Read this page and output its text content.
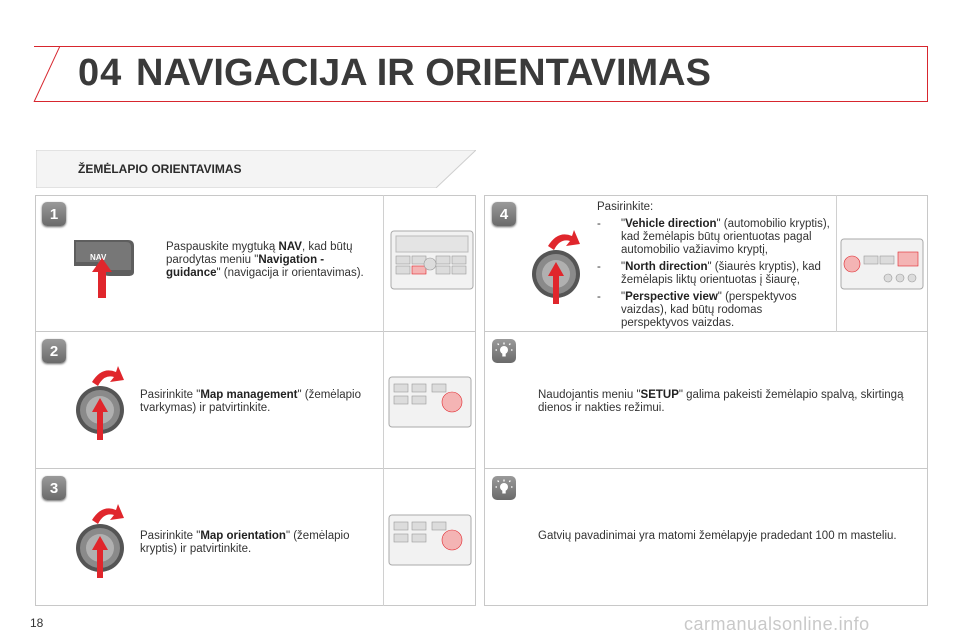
04 NAVIGACIJA IR ORIENTAVIMAS
ŽEMĖLAPIO ORIENTAVIMAS
1
2
3
4
NAV
Paspauskite mygtuką NAV, kad būtų parodytas meniu "Navigation - guidance" (navigacija ir orientavimas).
Pasirinkite "Map management" (žemėlapio tvarkymas) ir patvirtinkite.
Pasirinkite "Map orientation" (žemėlapio kryptis) ir patvirtinkite.
Pasirinkite:
-	"Vehicle direction" (automobilio kryptis), kad žemėlapis būtų orientuotas pagal automobilio važiavimo kryptį,
-	"North direction" (šiaurės kryptis), kad žemėlapis liktų orientuotas į šiaurę,
-	"Perspective view" (perspektyvos vaizdas), kad būtų rodomas perspektyvos vaizdas.
Naudojantis meniu "SETUP" galima pakeisti žemėlapio spalvą, skirtingą dienos ir nakties režimui.
Gatvių pavadinimai yra matomi žemėlapyje pradedant 100 m masteliu.
18	carmanualsonline.info
